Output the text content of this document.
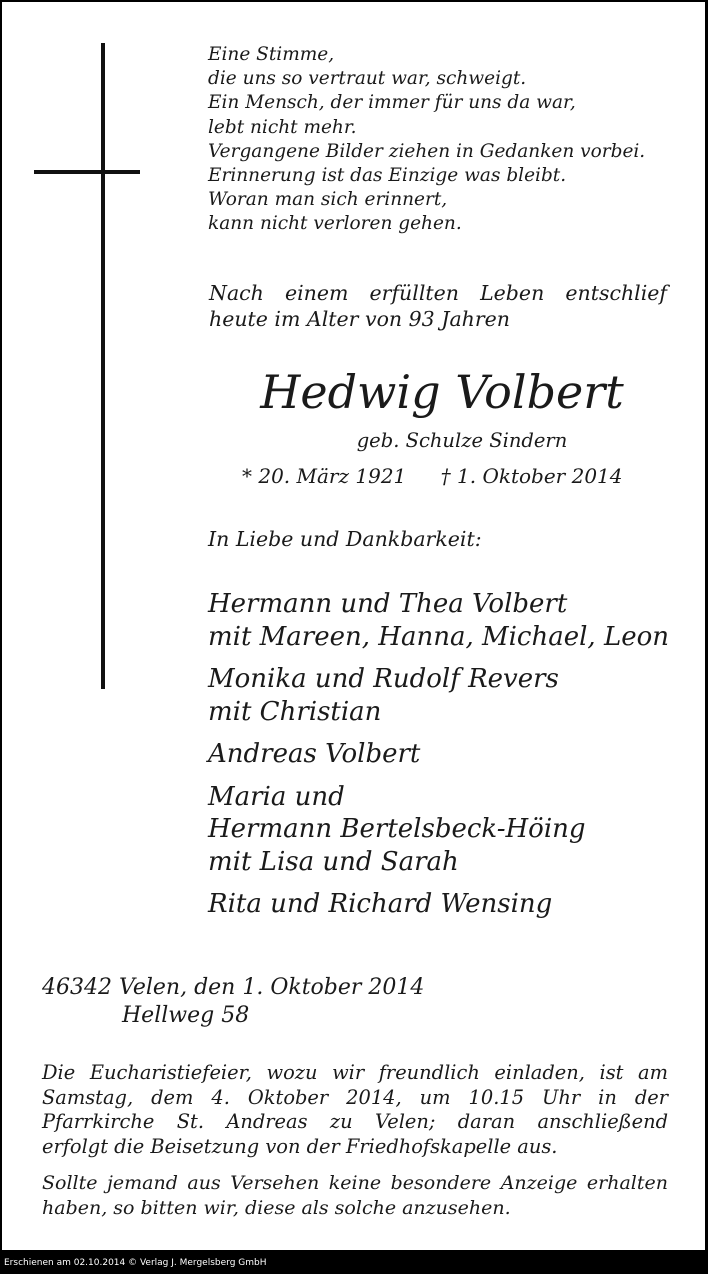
Eine Stimme,
die uns so vertraut war, schweigt.
Ein Mensch, der immer für uns da war,
lebt nicht mehr.
Vergangene Bilder ziehen in Gedanken vorbei.
Erinnerung ist das Einzige was bleibt.
Woran man sich erinnert,
kann nicht verloren gehen.
Nach einem erfüllten Leben entschlief
heute im Alter von 93 Jahren
Hedwig Volbert
geb. Schulze Sindern
* 20. März 1921 † 1. Oktober 2014
In Liebe und Dankbarkeit:
Hermann und Thea Volbert
mit Mareen, Hanna, Michael, Leon
Monika und Rudolf Revers
mit Christian
Andreas Volbert
Maria und
Hermann Bertelsbeck-Höing
mit Lisa und Sarah
Rita und Richard Wensing
46342 Velen, den 1. Oktober 2014
Hellweg 58
Die Eucharistiefeier, wozu wir freundlich einladen, ist am
Samstag, dem 4. Oktober 2014, um 10.15 Uhr in der
Pfarrkirche St. Andreas zu Velen; daran anschließend
erfolgt die Beisetzung von der Friedhofskapelle aus.
Sollte jemand aus Versehen keine besondere Anzeige erhalten
haben, so bitten wir, diese als solche anzusehen.
Erschienen am 02.10.2014 © Verlag J. Mergelsberg GmbH
